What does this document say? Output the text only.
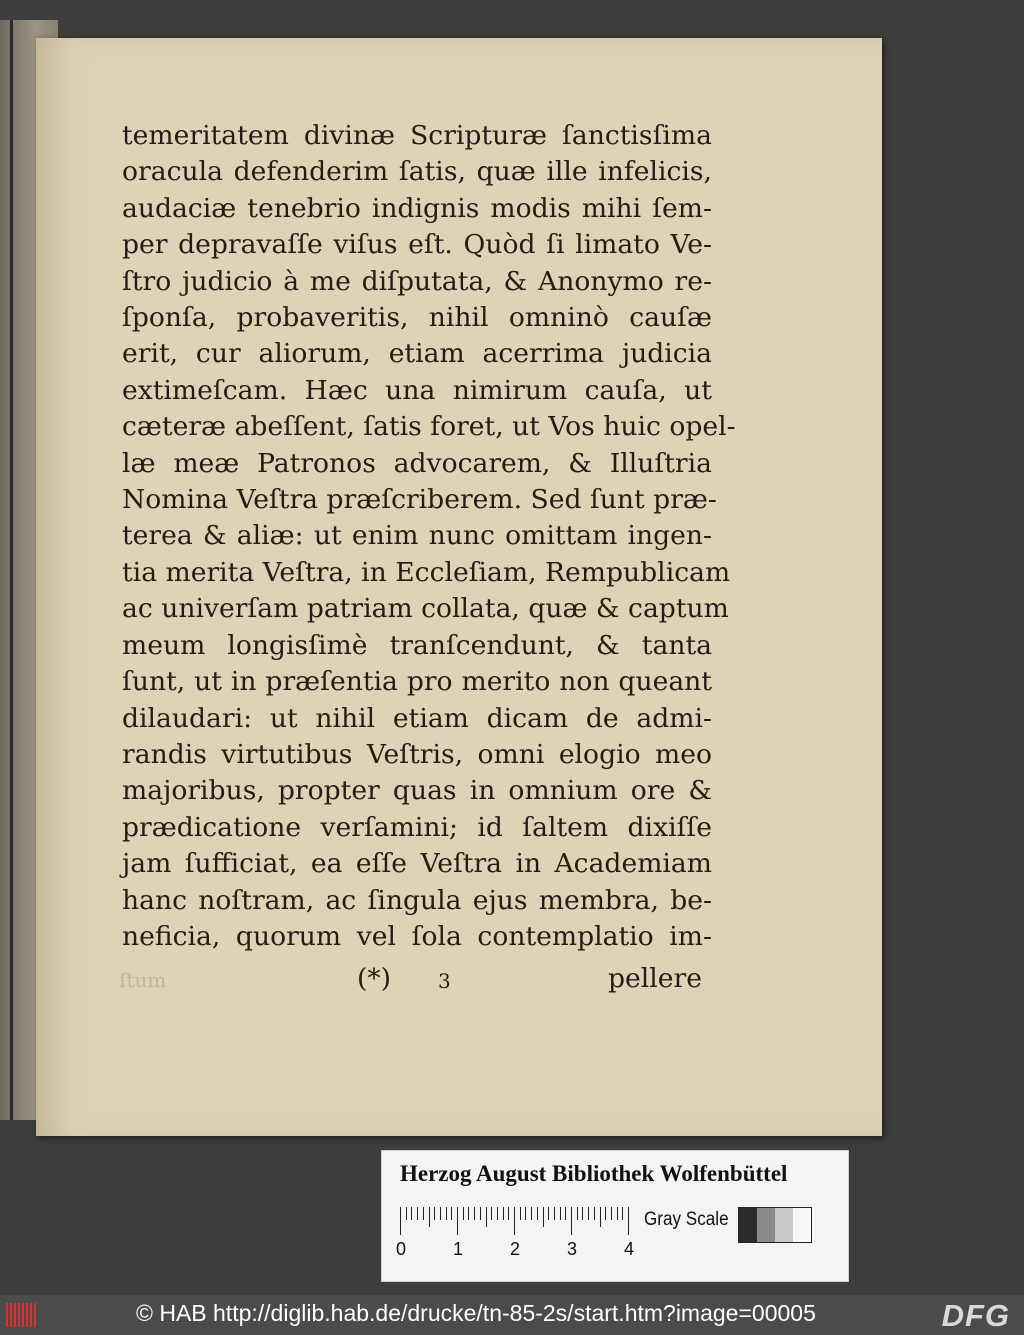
temeritatem divinæ Scripturæ ſanctisſima
oracula defenderim ſatis, quæ ille infelicis,
audaciæ tenebrio indignis modis mihi ſem-
per depravaſſe viſus eſt. Quòd ſi limato Ve-
ſtro judicio à me diſputata, & Anonymo re-
ſponſa, probaveritis, nihil omninò cauſæ
erit, cur aliorum, etiam acerrima judicia
extimeſcam. Hæc una nimirum cauſa, ut
cæteræ abeſſent, ſatis foret, ut Vos huic opel-
læ meæ Patronos advocarem, & Illuſtria
Nomina Veſtra præſcriberem. Sed ſunt præ-
terea & aliæ: ut enim nunc omittam ingen-
tia merita Veſtra, in Eccleſiam, Rempublicam
ac univerſam patriam collata, quæ & captum
meum longisſimè tranſcendunt, & tanta
ſunt, ut in præſentia pro merito non queant
dilaudari: ut nihil etiam dicam de admi-
randis virtutibus Veſtris, omni elogio meo
majoribus, propter quas in omnium ore &
prædicatione verſamini; id ſaltem dixiſſe
jam ſufficiat, ea eſſe Veſtra in Academiam
hanc noſtram, ac ſingula ejus membra, be-
neficia, quorum vel ſola contemplatio im-
ſtum	(*) 3	pellere
Herzog August Bibliothek Wolfenbüttel
0	1	2	3	4
Gray Scale
© HAB http://diglib.hab.de/drucke/tn-85-2s/start.htm?image=00005	DFG
